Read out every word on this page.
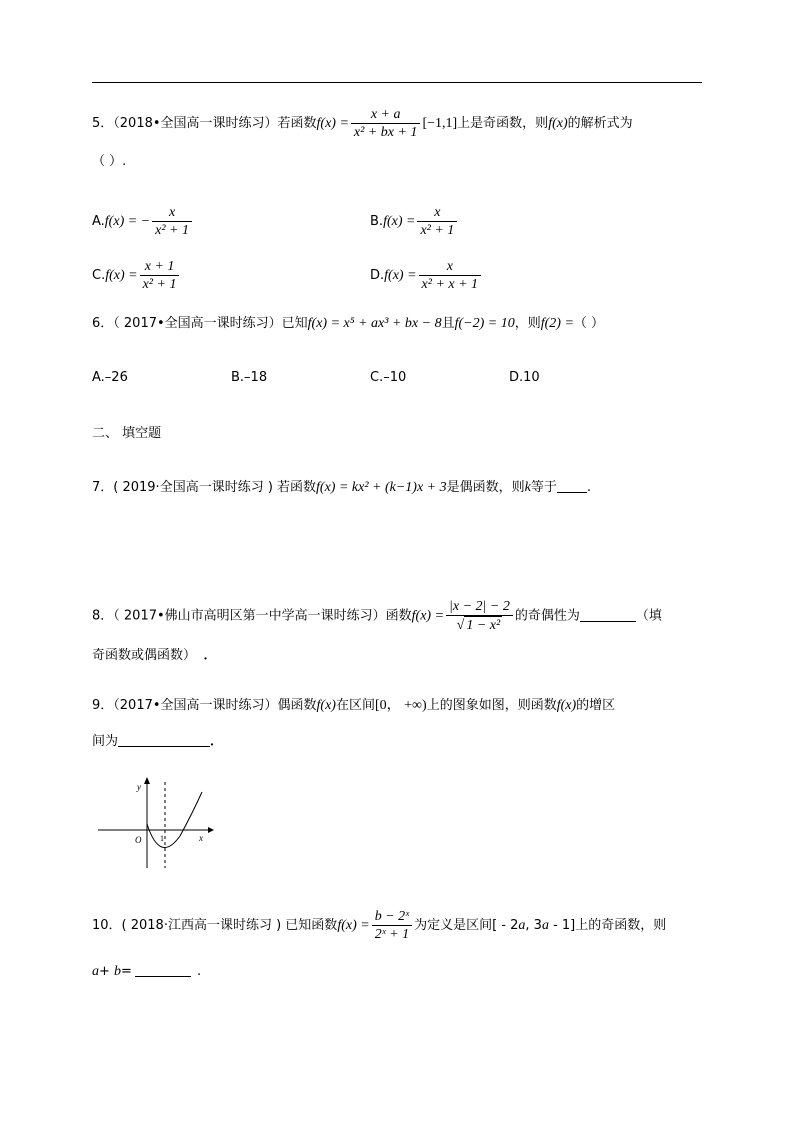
5．（2018•全国高一课时练习）若函数$f(x) = \frac{x + a}{\text{x² + bx + 1}} [-1,1]$上是奇函数，则f(x)的解析式为
（ ）.
A.f(x) = − $\frac{x}{\text{x² + 1}}$	$B.f(x) = \frac{x}{\text{x² + 1}}$
$C.f(x) = \frac{x + 1}{\text{x² + 1}}$	$D.f(x) = \frac{x}{\text{x² + x + 1}}$
6．（ 2017•全国高一课时练习）已知f(x) = x⁵ + ax³ + bx − 8且f(−2) = 10，则f(2) =（ ）
A.–26	B.–18	C.–10	D.10
二、 填空题
7．( 2019·全国高一课时练习 ) 若函数f(x) = kx² + (k−1)x + 3是偶函数，则k等于 .
8．（ 2017•佛山市高明区第一中学高一课时练习）函数$f(x) = \frac{|x - 2| - 2}{\text{√ 1 − x²}}$ 的奇偶性为	（填
奇函数或偶函数） ．
9．（2017•全国高一课时练习）偶函数f(x)在区间[0， +∞)上的图象如图，则函数f(x)的增区
间为	．
y
x
O 1
10．( 2018·江西高一课时练习 ) 已知函数$f(x) = \frac{\text{b − 2ˣ}}{\text{2ˣ + 1}}$ 为定义是区间[ - 2a, 3a - 1]上的奇函数，则
a+ b=	.
